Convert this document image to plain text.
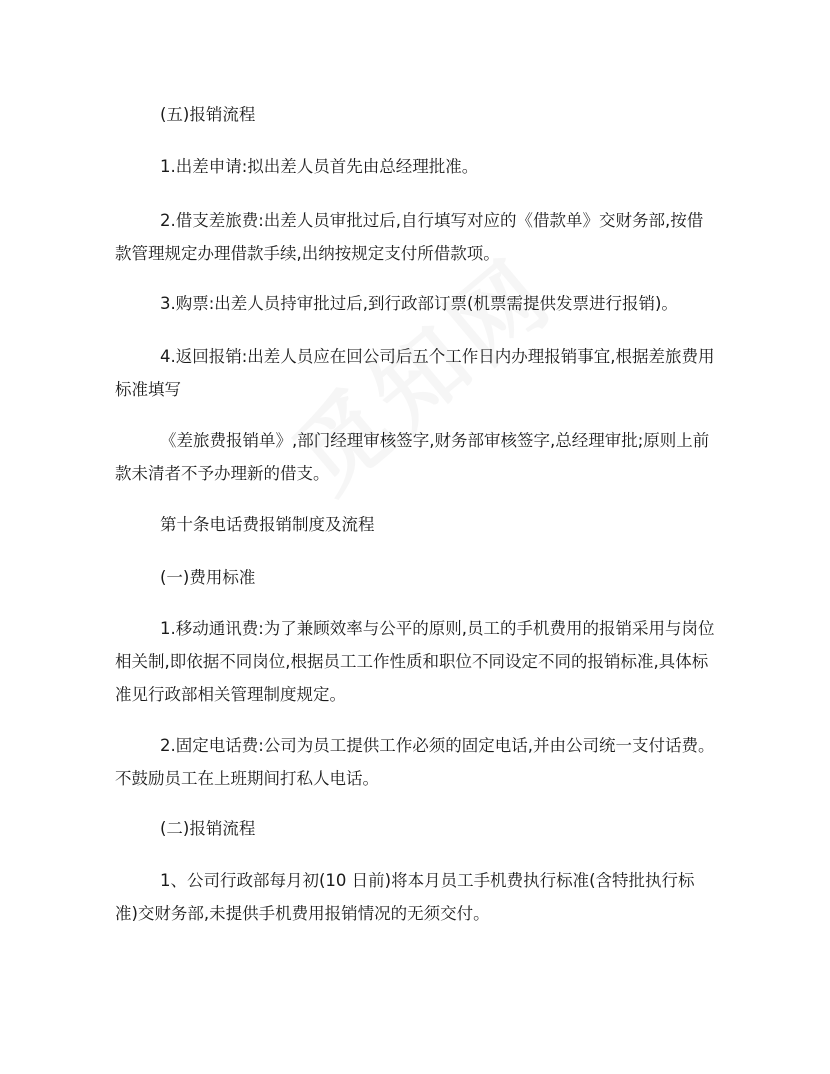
(五)报销流程

1.出差申请:拟出差人员首先由总经理批准。

2.借支差旅费:出差人员审批过后,自行填写对应的《借款单》交财务部,按借款管理规定办理借款手续,出纳按规定支付所借款项。

3.购票:出差人员持审批过后,到行政部订票(机票需提供发票进行报销)。

4.返回报销:出差人员应在回公司后五个工作日内办理报销事宜,根据差旅费用标准填写

《差旅费报销单》,部门经理审核签字,财务部审核签字,总经理审批;原则上前款未清者不予办理新的借支。

第十条电话费报销制度及流程

(一)费用标准

1.移动通讯费:为了兼顾效率与公平的原则,员工的手机费用的报销采用与岗位相关制,即依据不同岗位,根据员工工作性质和职位不同设定不同的报销标准,具体标准见行政部相关管理制度规定。

2.固定电话费:公司为员工提供工作必须的固定电话,并由公司统一支付话费。不鼓励员工在上班期间打私人电话。

(二)报销流程

1、公司行政部每月初(10 日前)将本月员工手机费执行标准(含特批执行标准)交财务部,未提供手机费用报销情况的无须交付。
